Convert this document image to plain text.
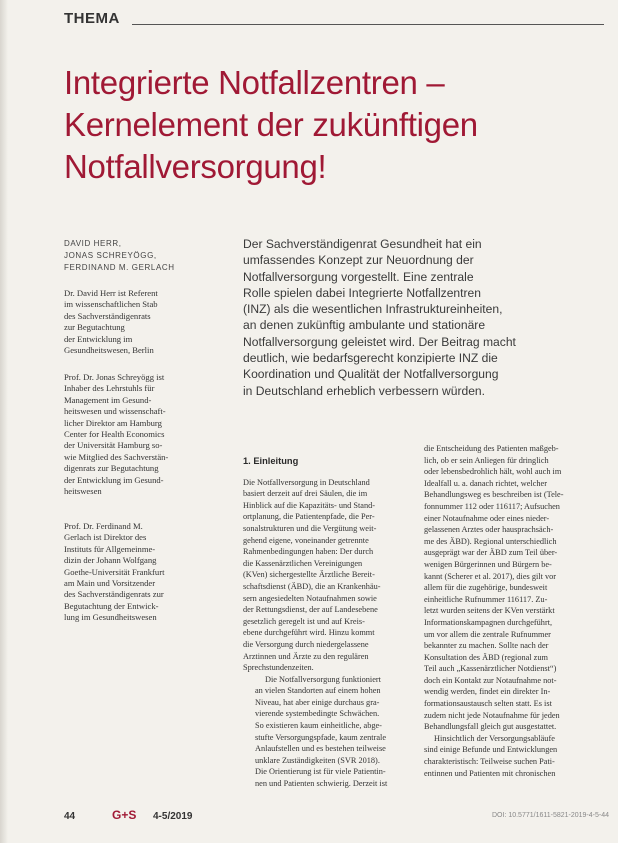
THEMA
Integrierte Notfallzentren –
Kernelement der zukünftigen
Notfallversorgung!
DAVID HERR,
JONAS SCHREYÖGG,
FERDINAND M. GERLACH
Dr. David Herr ist Referent
im wissenschaftlichen Stab
des Sachverständigenrats
zur Begutachtung
der Entwicklung im
Gesundheitswesen, Berlin
Prof. Dr. Jonas Schreyögg ist
Inhaber des Lehrstuhls für
Management im Gesund-
heitswesen und wissenschaft-
licher Direktor am Hamburg
Center for Health Economics
der Universität Hamburg so-
wie Mitglied des Sachverstän-
digenrats zur Begutachtung
der Entwicklung im Gesund-
heitswesen
Prof. Dr. Ferdinand M.
Gerlach ist Direktor des
Instituts für Allgemeinme-
dizin der Johann Wolfgang
Goethe-Universität Frankfurt
am Main und Vorsitzender
des Sachverständigenrats zur
Begutachtung der Entwick-
lung im Gesundheitswesen
Der Sachverständigenrat Gesundheit hat ein
umfassendes Konzept zur Neuordnung der
Notfallversorgung vorgestellt. Eine zentrale
Rolle spielen dabei Integrierte Notfallzentren
(INZ) als die wesentlichen Infrastruktureinheiten,
an denen zukünftig ambulante und stationäre
Notfallversorgung geleistet wird. Der Beitrag macht
deutlich, wie bedarfsgerecht konzipierte INZ die
Koordination und Qualität der Notfallversorgung
in Deutschland erheblich verbessern würden.
1. Einleitung
Die Notfallversorgung in Deutschland
basiert derzeit auf drei Säulen, die im
Hinblick auf die Kapazitäts- und Stand-
ortplanung, die Patientenpfade, die Per-
sonalstrukturen und die Vergütung weit-
gehend eigene, voneinander getrennte
Rahmenbedingungen haben: Der durch
die Kassenärztlichen Vereinigungen
(KVen) sichergestellte Ärztliche Bereit-
schaftsdienst (ÄBD), die an Krankenhäu-
sern angesiedelten Notaufnahmen sowie
der Rettungsdienst, der auf Landesebene
gesetzlich geregelt ist und auf Kreis-
ebene durchgeführt wird. Hinzu kommt
die Versorgung durch niedergelassene
Arztinnen und Ärzte zu den regulären
Sprechstundenzeiten.
Die Notfallversorgung funktioniert
an vielen Standorten auf einem hohen
Niveau, hat aber einige durchaus gra-
vierende systembedingte Schwächen.
So existieren kaum einheitliche, abge-
stufte Versorgungspfade, kaum zentrale
Anlaufstellen und es bestehen teilweise
unklare Zuständigkeiten (SVR 2018).
Die Orientierung ist für viele Patientin-
nen und Patienten schwierig. Derzeit ist
die Entscheidung des Patienten maßgeb-
lich, ob er sein Anliegen für dringlich
oder lebensbedrohlich hält, wohl auch im
Idealfall u. a. danach richtet, welcher
Behandlungsweg es beschreiben ist (Tele-
fonnummer 112 oder 116117; Aufsuchen
einer Notaufnahme oder eines nieder-
gelassenen Arztes oder hausprachsäch-
me des ÄBD). Regional unterschiedlich
ausgeprägt war der ÄBD zum Teil über-
wenigen Bürgerinnen und Bürgern be-
kannt (Scherer et al. 2017), dies gilt vor
allem für die zugehörige, bundesweit
einheitliche Rufnummer 116117. Zu-
letzt wurden seitens der KVen verstärkt
Informationskampagnen durchgeführt,
um vor allem die zentrale Rufnummer
bekannter zu machen. Sollte nach der
Konsultation des ÄBD (regional zum
Teil auch „Kassenärztlicher Notdienst“)
doch ein Kontakt zur Notaufnahme not-
wendig werden, findet ein direkter In-
formationsaustausch selten statt. Es ist
zudem nicht jede Notaufnahme für jeden
Behandlungsfall gleich gut ausgestattet.
Hinsichtlich der Versorgungsabläufe
sind einige Befunde und Entwicklungen
charakteristisch: Teilweise suchen Pati-
entinnen und Patienten mit chronischen
44	G+S 4-5/2019	DOI: 10.5771/1611-5821-2019-4-5-44
